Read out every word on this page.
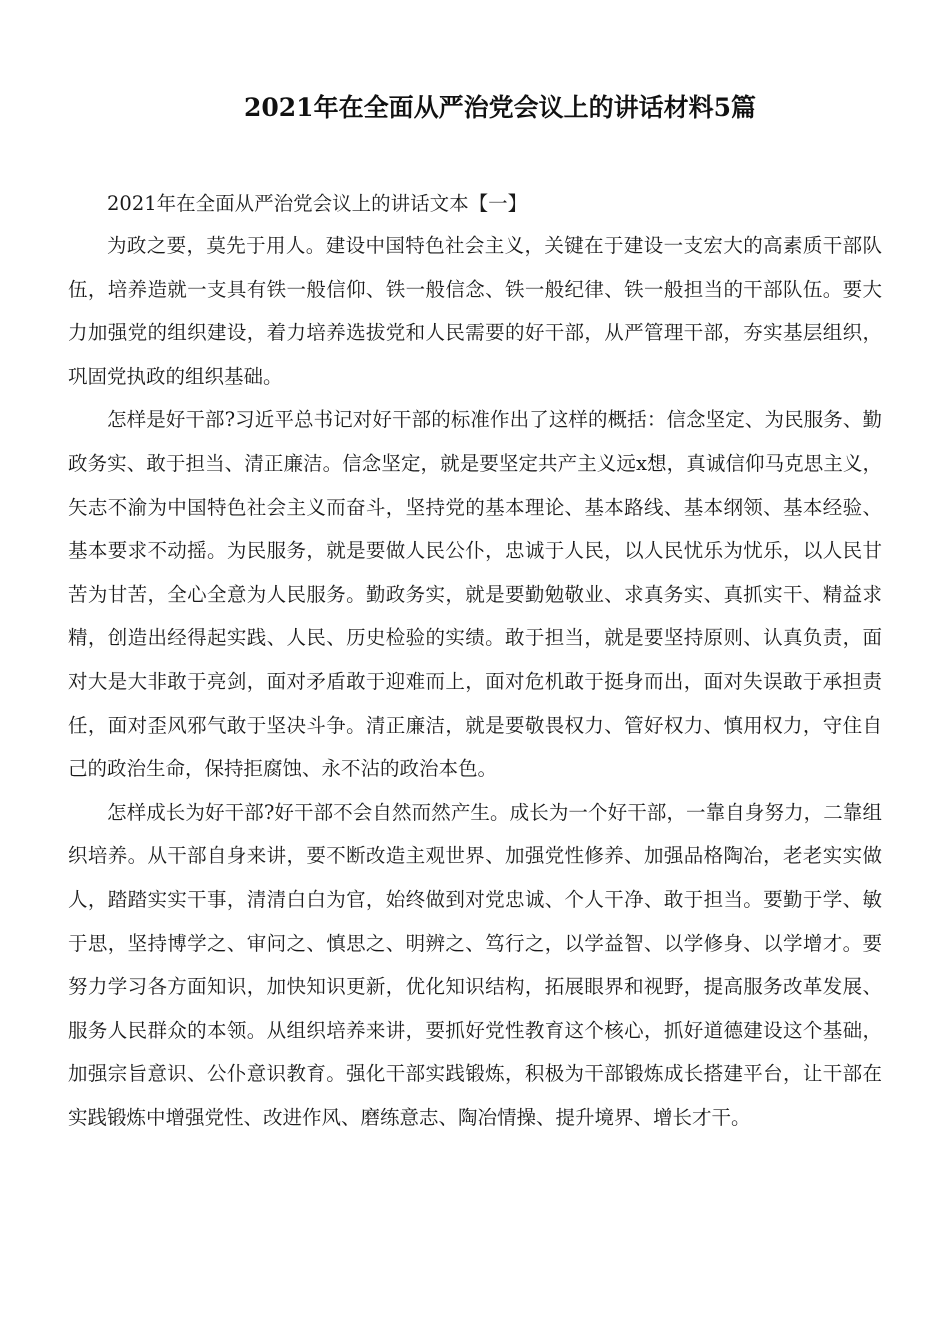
2021年在全面从严治党会议上的讲话材料5篇

2021年在全面从严治党会议上的讲话文本【一】

为政之要，莫先于用人。建设中国特色社会主义，关键在于建设一支宏大的高素质干部队伍，培养造就一支具有铁一般信仰、铁一般信念、铁一般纪律、铁一般担当的干部队伍。要大力加强党的组织建设，着力培养选拔党和人民需要的好干部，从严管理干部，夯实基层组织，巩固党执政的组织基础。

怎样是好干部?习近平总书记对好干部的标准作出了这样的概括：信念坚定、为民服务、勤政务实、敢于担当、清正廉洁。信念坚定，就是要坚定共产主义远x想，真诚信仰马克思主义，矢志不渝为中国特色社会主义而奋斗，坚持党的基本理论、基本路线、基本纲领、基本经验、基本要求不动摇。为民服务，就是要做人民公仆，忠诚于人民，以人民忧乐为忧乐，以人民甘苦为甘苦，全心全意为人民服务。勤政务实，就是要勤勉敬业、求真务实、真抓实干、精益求精，创造出经得起实践、人民、历史检验的实绩。敢于担当，就是要坚持原则、认真负责，面对大是大非敢于亮剑，面对矛盾敢于迎难而上，面对危机敢于挺身而出，面对失误敢于承担责任，面对歪风邪气敢于坚决斗争。清正廉洁，就是要敬畏权力、管好权力、慎用权力，守住自己的政治生命，保持拒腐蚀、永不沾的政治本色。

怎样成长为好干部?好干部不会自然而然产生。成长为一个好干部，一靠自身努力，二靠组织培养。从干部自身来讲，要不断改造主观世界、加强党性修养、加强品格陶冶，老老实实做人，踏踏实实干事，清清白白为官，始终做到对党忠诚、个人干净、敢于担当。要勤于学、敏于思，坚持博学之、审问之、慎思之、明辨之、笃行之，以学益智、以学修身、以学增才。要努力学习各方面知识，加快知识更新，优化知识结构，拓展眼界和视野，提高服务改革发展、服务人民群众的本领。从组织培养来讲，要抓好党性教育这个核心，抓好道德建设这个基础，加强宗旨意识、公仆意识教育。强化干部实践锻炼，积极为干部锻炼成长搭建平台，让干部在实践锻炼中增强党性、改进作风、磨练意志、陶冶情操、提升境界、增长才干。
